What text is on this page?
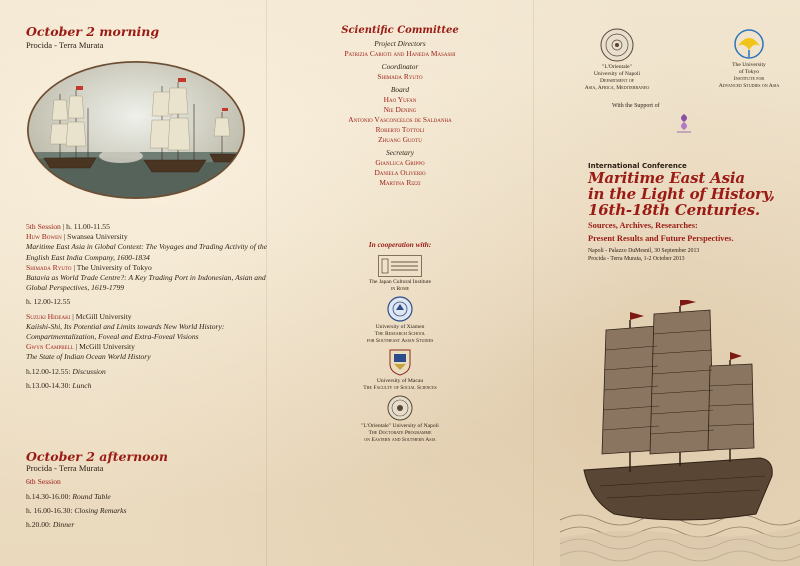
October 2 morning
Procida - Terra Murata
5th Session | h. 11.00-11.55
Huw Bowen | Swansea University
Maritime East Asia in Global Context: The Voyages and Trading Activity of the English East India Company, 1600-1834
Shimada Ryuto | The University of Tokyo
Batavia as World Trade Centre?: A Key Trading Port in Indonesian, Asian and Global Perspectives, 1619-1799
h. 12.00-12.55
Suzuki Hideaki | McGill University
Kaiishi-Shi, Its Potential and Limits towards New World History: Compartmentalization, Foveal and Extra-Foveal Visions
Gwyn Campbell | McGill University
The State of Indian Ocean World History
h.12.00-12.55: Discussion
h.13.00-14.30: Lunch
October 2 afternoon
Procida - Terra Murata
6th Session
h.14.30-16.00: Round Table
h. 16.00-16.30: Closing Remarks
h.20.00: Dinner
Scientific Committee
Project Directors
Patrizia Carioti and Haneda Masashi
Coordinator
Shimada Ryuto
Board
Hao Yufan
Nie Dening
Antonio Vasconcelos de Saldanha
Roberto Tottoli
Zhuang Guotu
Secretary
Gianluca Grippo
Daniela Oliverio
Martina Rizzi
In cooperation with:
The Japan Cultural Institute
in Rome
University of Xiamen
The Research School
for Southeast Asian Studies
University of Macau
The Faculty of Social Sciences
"L'Orientale" University of Napoli
The Doctorate Programme
on Eastern and Southern Asia
"L'Orientale"
University of Napoli
Department of
Asia, Africa, Mediterraneo
The University
of Tokyo
Institute for
Advanced Studies on Asia
With the Support of
International Conference
Maritime East Asia
in the Light of History,
16th-18th Centuries.
Sources, Archives, Researches:
Present Results and Future Perspectives.
Napoli - Palazzo DuMesnil, 30 September 2013
Procida - Terra Murata, 1-2 October 2013
